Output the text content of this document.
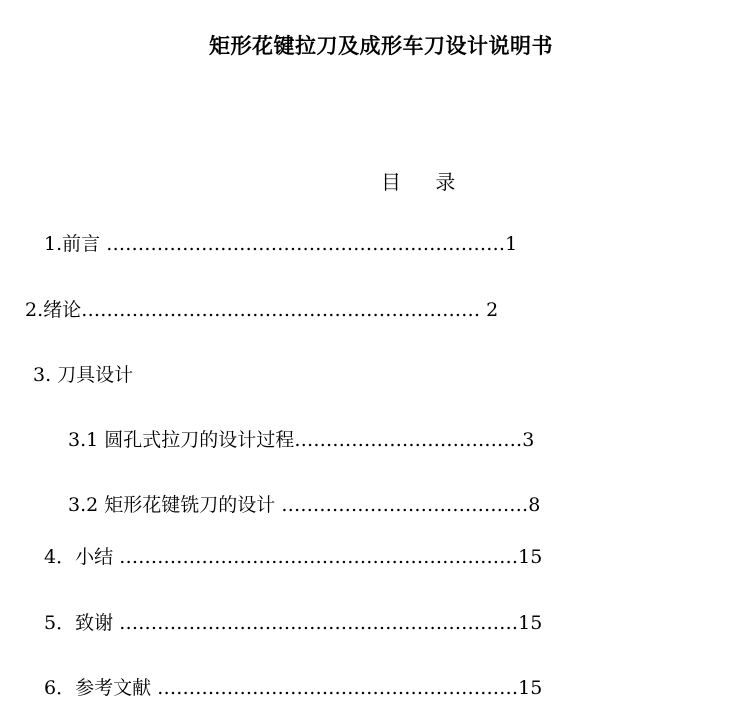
矩形花键拉刀及成形车刀设计说明书
目 录
1.前言 ………………………………………………………1
2.绪论……………………………………………………… 2
3. 刀具设计
3.1 圆孔式拉刀的设计过程………………………………3
3.2 矩形花键铣刀的设计 …………………………………8
4．小结 ………………………………………………………15
5．致谢 ………………………………………………………15
6．参考文献 …………………………………………………15
